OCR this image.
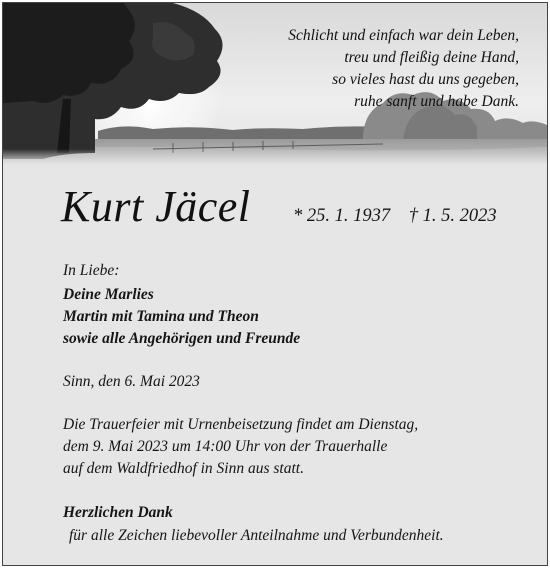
Schlicht und einfach war dein Leben,
treu und fleißig deine Hand,
so vieles hast du uns gegeben,
ruhe sanft und habe Dank.
Kurt Jäcel * 25. 1. 1937 † 1. 5. 2023
In Liebe:
Deine Marlies
Martin mit Tamina und Theon
sowie alle Angehörigen und Freunde
Sinn, den 6. Mai 2023
Die Trauerfeier mit Urnenbeisetzung findet am Dienstag,
dem 9. Mai 2023 um 14:00 Uhr von der Trauerhalle
auf dem Waldfriedhof in Sinn aus statt.
Herzlichen Dank
für alle Zeichen liebevoller Anteilnahme und Verbundenheit.
